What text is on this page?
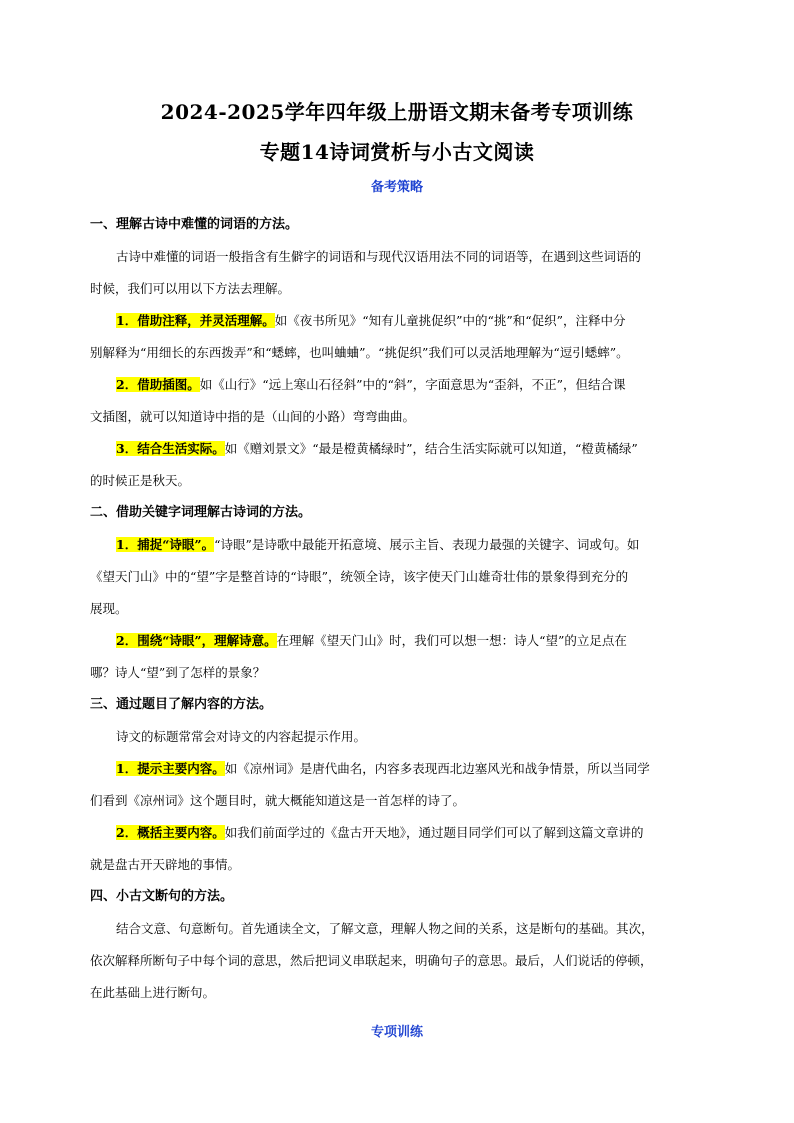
2024-2025学年四年级上册语文期末备考专项训练
专题14诗词赏析与小古文阅读
备考策略
一、理解古诗中难懂的词语的方法。
古诗中难懂的词语一般指含有生僻字的词语和与现代汉语用法不同的词语等，在遇到这些词语的
时候，我们可以用以下方法去理解。
1．借助注释，并灵活理解。如《夜书所见》“知有儿童挑促织”中的“挑”和“促织”，注释中分
别解释为“用细长的东西拨弄”和“蟋蟀，也叫蛐蛐”。“挑促织”我们可以灵活地理解为“逗引蟋蟀”。
2．借助插图。如《山行》“远上寒山石径斜”中的“斜”，字面意思为“歪斜，不正”，但结合课
文插图，就可以知道诗中指的是（山间的小路）弯弯曲曲。
3．结合生活实际。如《赠刘景文》“最是橙黄橘绿时”，结合生活实际就可以知道，“橙黄橘绿”
的时候正是秋天。
二、借助关键字词理解古诗词的方法。
1．捕捉“诗眼”。“诗眼”是诗歌中最能开拓意境、展示主旨、表现力最强的关键字、词或句。如
《望天门山》中的“望”字是整首诗的“诗眼”，统领全诗，该字使天门山雄奇壮伟的景象得到充分的
展现。
2．围绕“诗眼”，理解诗意。在理解《望天门山》时，我们可以想一想：诗人“望”的立足点在
哪？诗人“望”到了怎样的景象？
三、通过题目了解内容的方法。
诗文的标题常常会对诗文的内容起提示作用。
1．提示主要内容。如《凉州词》是唐代曲名，内容多表现西北边塞风光和战争情景，所以当同学
们看到《凉州词》这个题目时，就大概能知道这是一首怎样的诗了。
2．概括主要内容。如我们前面学过的《盘古开天地》，通过题目同学们可以了解到这篇文章讲的
就是盘古开天辟地的事情。
四、小古文断句的方法。
结合文意、句意断句。首先通读全文，了解文意，理解人物之间的关系，这是断句的基础。其次，
依次解释所断句子中每个词的意思，然后把词义串联起来，明确句子的意思。最后，人们说话的停顿，
在此基础上进行断句。
专项训练
